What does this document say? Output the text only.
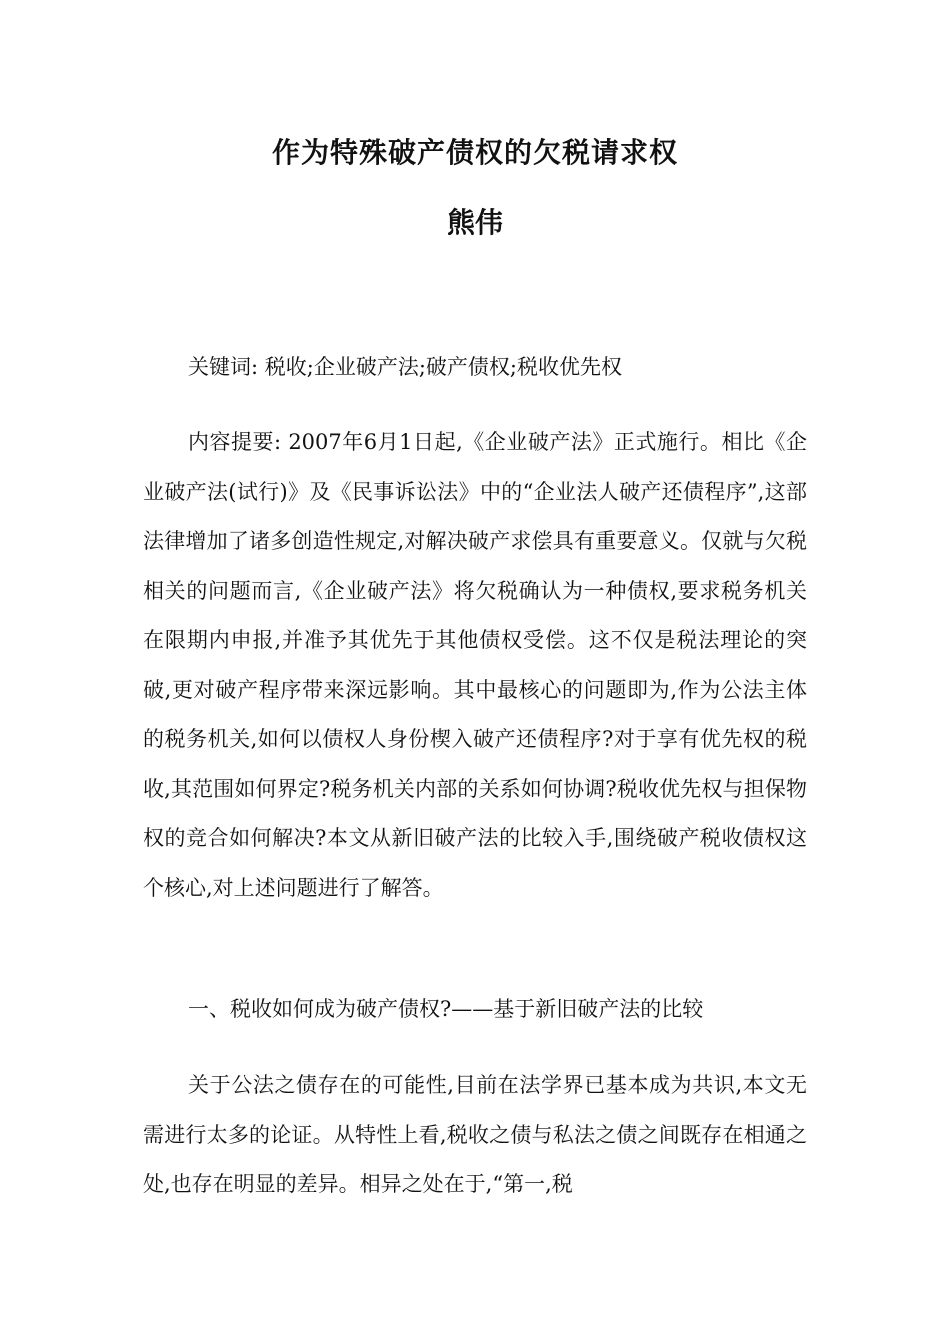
作为特殊破产债权的欠税请求权
熊伟

关键词: 税收;企业破产法;破产债权;税收优先权

内容提要: 2007年6月1日起,《企业破产法》正式施行。相比《企业破产法(试行)》及《民事诉讼法》中的“企业法人破产还债程序”,这部法律增加了诸多创造性规定,对解决破产求偿具有重要意义。仅就与欠税相关的问题而言,《企业破产法》将欠税确认为一种债权,要求税务机关在限期内申报,并准予其优先于其他债权受偿。这不仅是税法理论的突破,更对破产程序带来深远影响。其中最核心的问题即为,作为公法主体的税务机关,如何以债权人身份楔入破产还债程序?对于享有优先权的税收,其范围如何界定?税务机关内部的关系如何协调?税收优先权与担保物权的竞合如何解决?本文从新旧破产法的比较入手,围绕破产税收债权这个核心,对上述问题进行了解答。

一、税收如何成为破产债权?——基于新旧破产法的比较

关于公法之债存在的可能性,目前在法学界已基本成为共识,本文无需进行太多的论证。从特性上看,税收之债与私法之债之间既存在相通之处,也存在明显的差异。相异之处在于,“第一,税
